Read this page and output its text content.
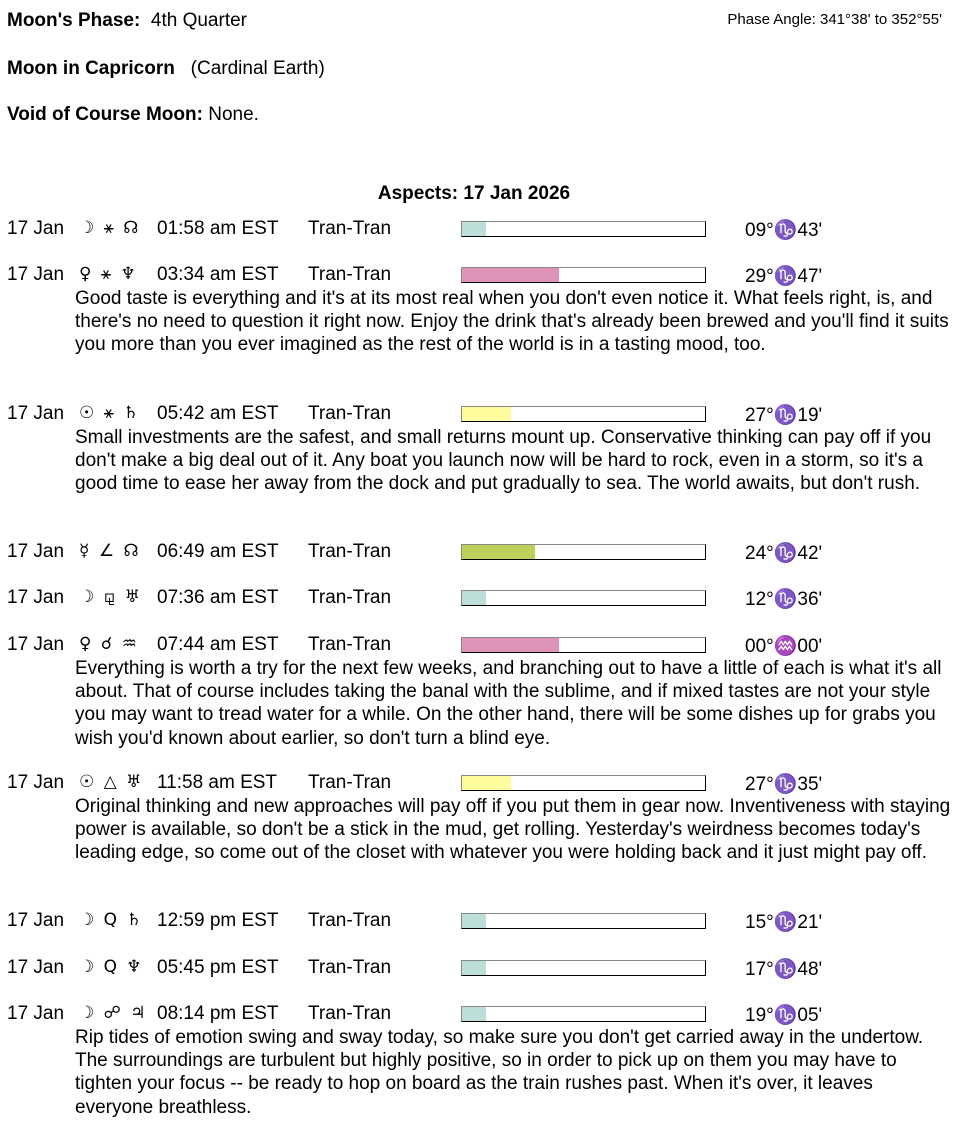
Moon's Phase: 4th Quarter	Phase Angle: 341°38' to 352°55'
Moon in Capricorn (Cardinal Earth)
Void of Course Moon: None.
Aspects: 17 Jan 2026
17 Jan ☽ ⚹ ☊ 01:58 am EST Tran-Tran	09°♑43'
17 Jan ♀ ⚹ ♆	03:34 am EST Tran-Tran	29°♑47'
Good taste is everything and it's at its most real when you don't even notice it. What feels right, is, and there's no need to question it right now. Enjoy the drink that's already been brewed and you'll find it suits you more than you ever imagined as the rest of the world is in a tasting mood, too.
17 Jan ☉ ⚹ ♄ 05:42 am EST Tran-Tran	27°♑19'
Small investments are the safest, and small returns mount up. Conservative thinking can pay off if you don't make a big deal out of it. Any boat you launch now will be hard to rock, even in a storm, so it's a good time to ease her away from the dock and put gradually to sea. The world awaits, but don't rush.
17 Jan ☿ ∠ ☊ 06:49 am EST Tran-Tran	24°♑42'
17 Jan ☽ ⚼ ♅ 07:36 am EST Tran-Tran	12°♑36'
17 Jan ♀ ☌ ♒ 07:44 am EST Tran-Tran	00°♒00'
Everything is worth a try for the next few weeks, and branching out to have a little of each is what it's all about. That of course includes taking the banal with the sublime, and if mixed tastes are not your style you may want to tread water for a while. On the other hand, there will be some dishes up for grabs you wish you'd known about earlier, so don't turn a blind eye.
17 Jan ☉ △ ♅ 11:58 am EST Tran-Tran	27°♑35'
Original thinking and new approaches will pay off if you put them in gear now. Inventiveness with staying power is available, so don't be a stick in the mud, get rolling. Yesterday's weirdness becomes today's leading edge, so come out of the closet with whatever you were holding back and it just might pay off.
17 Jan ☽ Q ♄ 12:59 pm EST Tran-Tran	15°♑21'
17 Jan ☽ Q ♆ 05:45 pm EST Tran-Tran	17°♑48'
17 Jan ☽ ☍ ♃ 08:14 pm EST Tran-Tran	19°♑05'
Rip tides of emotion swing and sway today, so make sure you don't get carried away in the undertow. The surroundings are turbulent but highly positive, so in order to pick up on them you may have to tighten your focus -- be ready to hop on board as the train rushes past. When it's over, it leaves everyone breathless.
